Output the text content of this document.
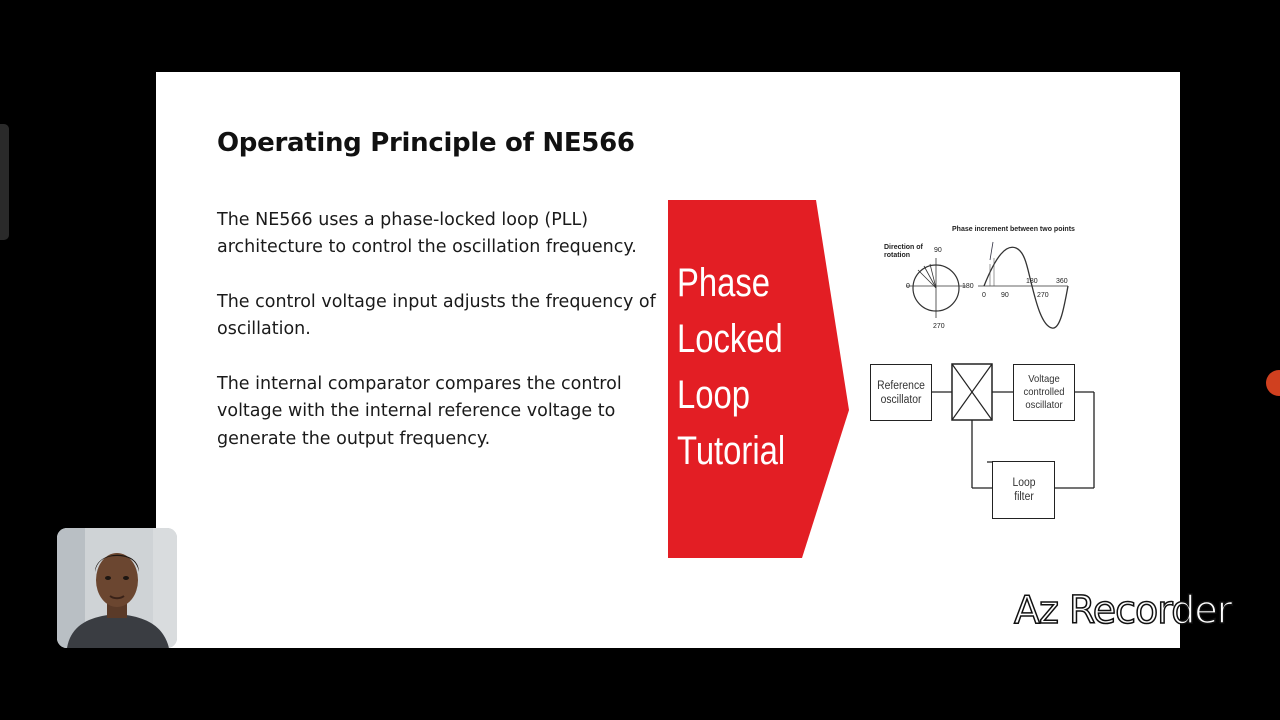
Operating Principle of NE566

The NE566 uses a phase-locked loop (PLL) architecture to control the oscillation frequency.

The control voltage input adjusts the frequency of oscillation.

The internal comparator compares the control voltage with the internal reference voltage to generate the output frequency.

Phase
Locked
Loop
Tutorial
Phase increment between two points
Direction of rotation
90
0	180
270
0 90
180
270
360
Reference oscillator
Voltage controlled oscillator
Loop filter
Az Recorder
